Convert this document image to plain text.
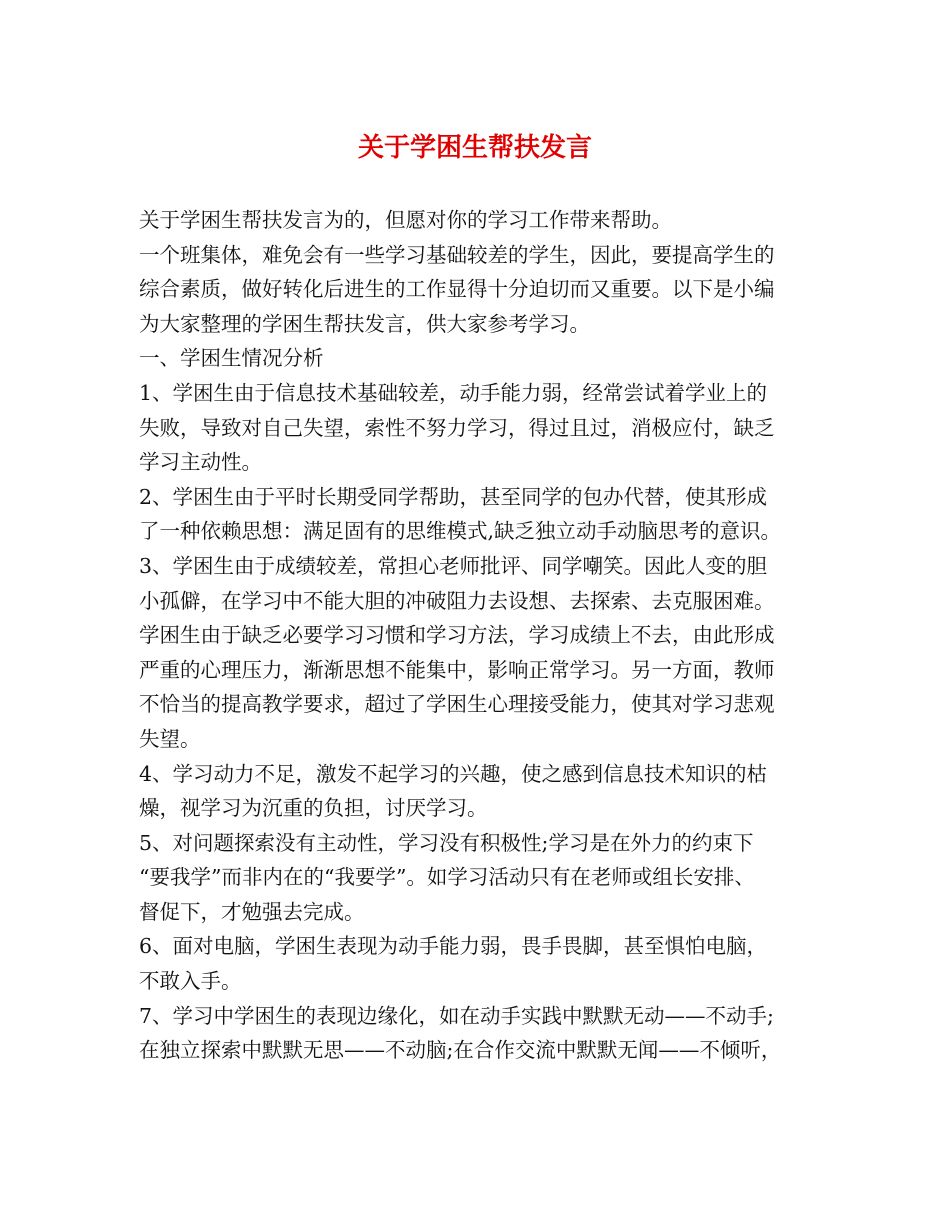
关于学困生帮扶发言
关于学困生帮扶发言为的，但愿对你的学习工作带来帮助。
一个班集体，难免会有一些学习基础较差的学生，因此，要提高学生的
综合素质，做好转化后进生的工作显得十分迫切而又重要。以下是小编
为大家整理的学困生帮扶发言，供大家参考学习。
一、学困生情况分析
1、学困生由于信息技术基础较差，动手能力弱，经常尝试着学业上的
失败，导致对自己失望，索性不努力学习，得过且过，消极应付，缺乏
学习主动性。
2、学困生由于平时长期受同学帮助，甚至同学的包办代替，使其形成
了一种依赖思想：满足固有的思维模式,缺乏独立动手动脑思考的意识。
3、学困生由于成绩较差，常担心老师批评、同学嘲笑。因此人变的胆
小孤僻，在学习中不能大胆的冲破阻力去设想、去探索、去克服困难。
学困生由于缺乏必要学习习惯和学习方法，学习成绩上不去，由此形成
严重的心理压力，渐渐思想不能集中，影响正常学习。另一方面，教师
不恰当的提高教学要求，超过了学困生心理接受能力，使其对学习悲观
失望。
4、学习动力不足，激发不起学习的兴趣，使之感到信息技术知识的枯
燥，视学习为沉重的负担，讨厌学习。
5、对问题探索没有主动性，学习没有积极性;学习是在外力的约束下
“要我学”而非内在的“我要学”。如学习活动只有在老师或组长安排、
督促下，才勉强去完成。
6、面对电脑，学困生表现为动手能力弱，畏手畏脚，甚至惧怕电脑，
不敢入手。
7、学习中学困生的表现边缘化，如在动手实践中默默无动——不动手;
在独立探索中默默无思——不动脑;在合作交流中默默无闻——不倾听，
